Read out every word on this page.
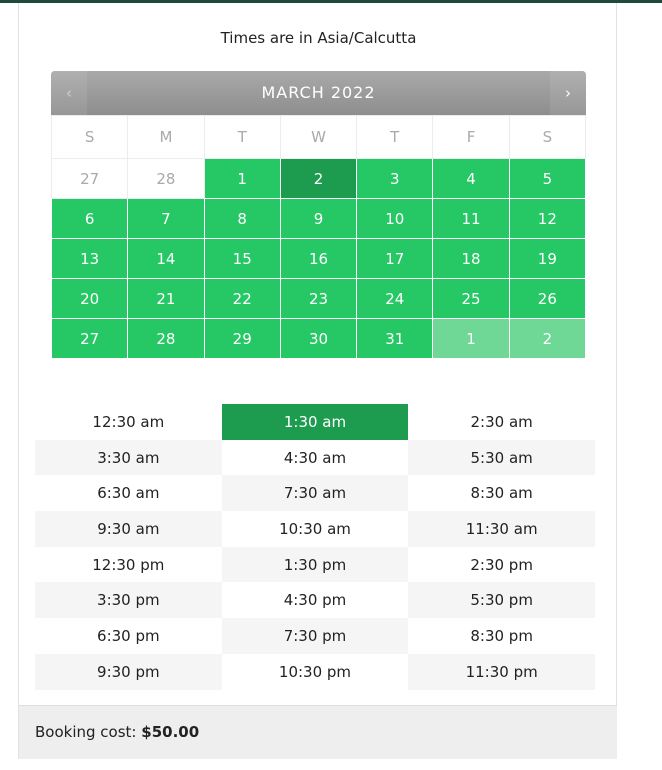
Times are in Asia/Calcutta
‹	MARCH 2022	›
S	M	T	W	T	F	S
27	28	1	2	3	4	5
6	7	8	9	10	11	12
13	14	15	16	17	18	19
20	21	22	23	24	25	26
27	28	29	30	31	1	2
12:30 am	1:30 am	2:30 am
3:30 am	4:30 am	5:30 am
6:30 am	7:30 am	8:30 am
9:30 am	10:30 am	11:30 am
12:30 pm	1:30 pm	2:30 pm
3:30 pm	4:30 pm	5:30 pm
6:30 pm	7:30 pm	8:30 pm
9:30 pm	10:30 pm	11:30 pm
Booking cost: $50.00
